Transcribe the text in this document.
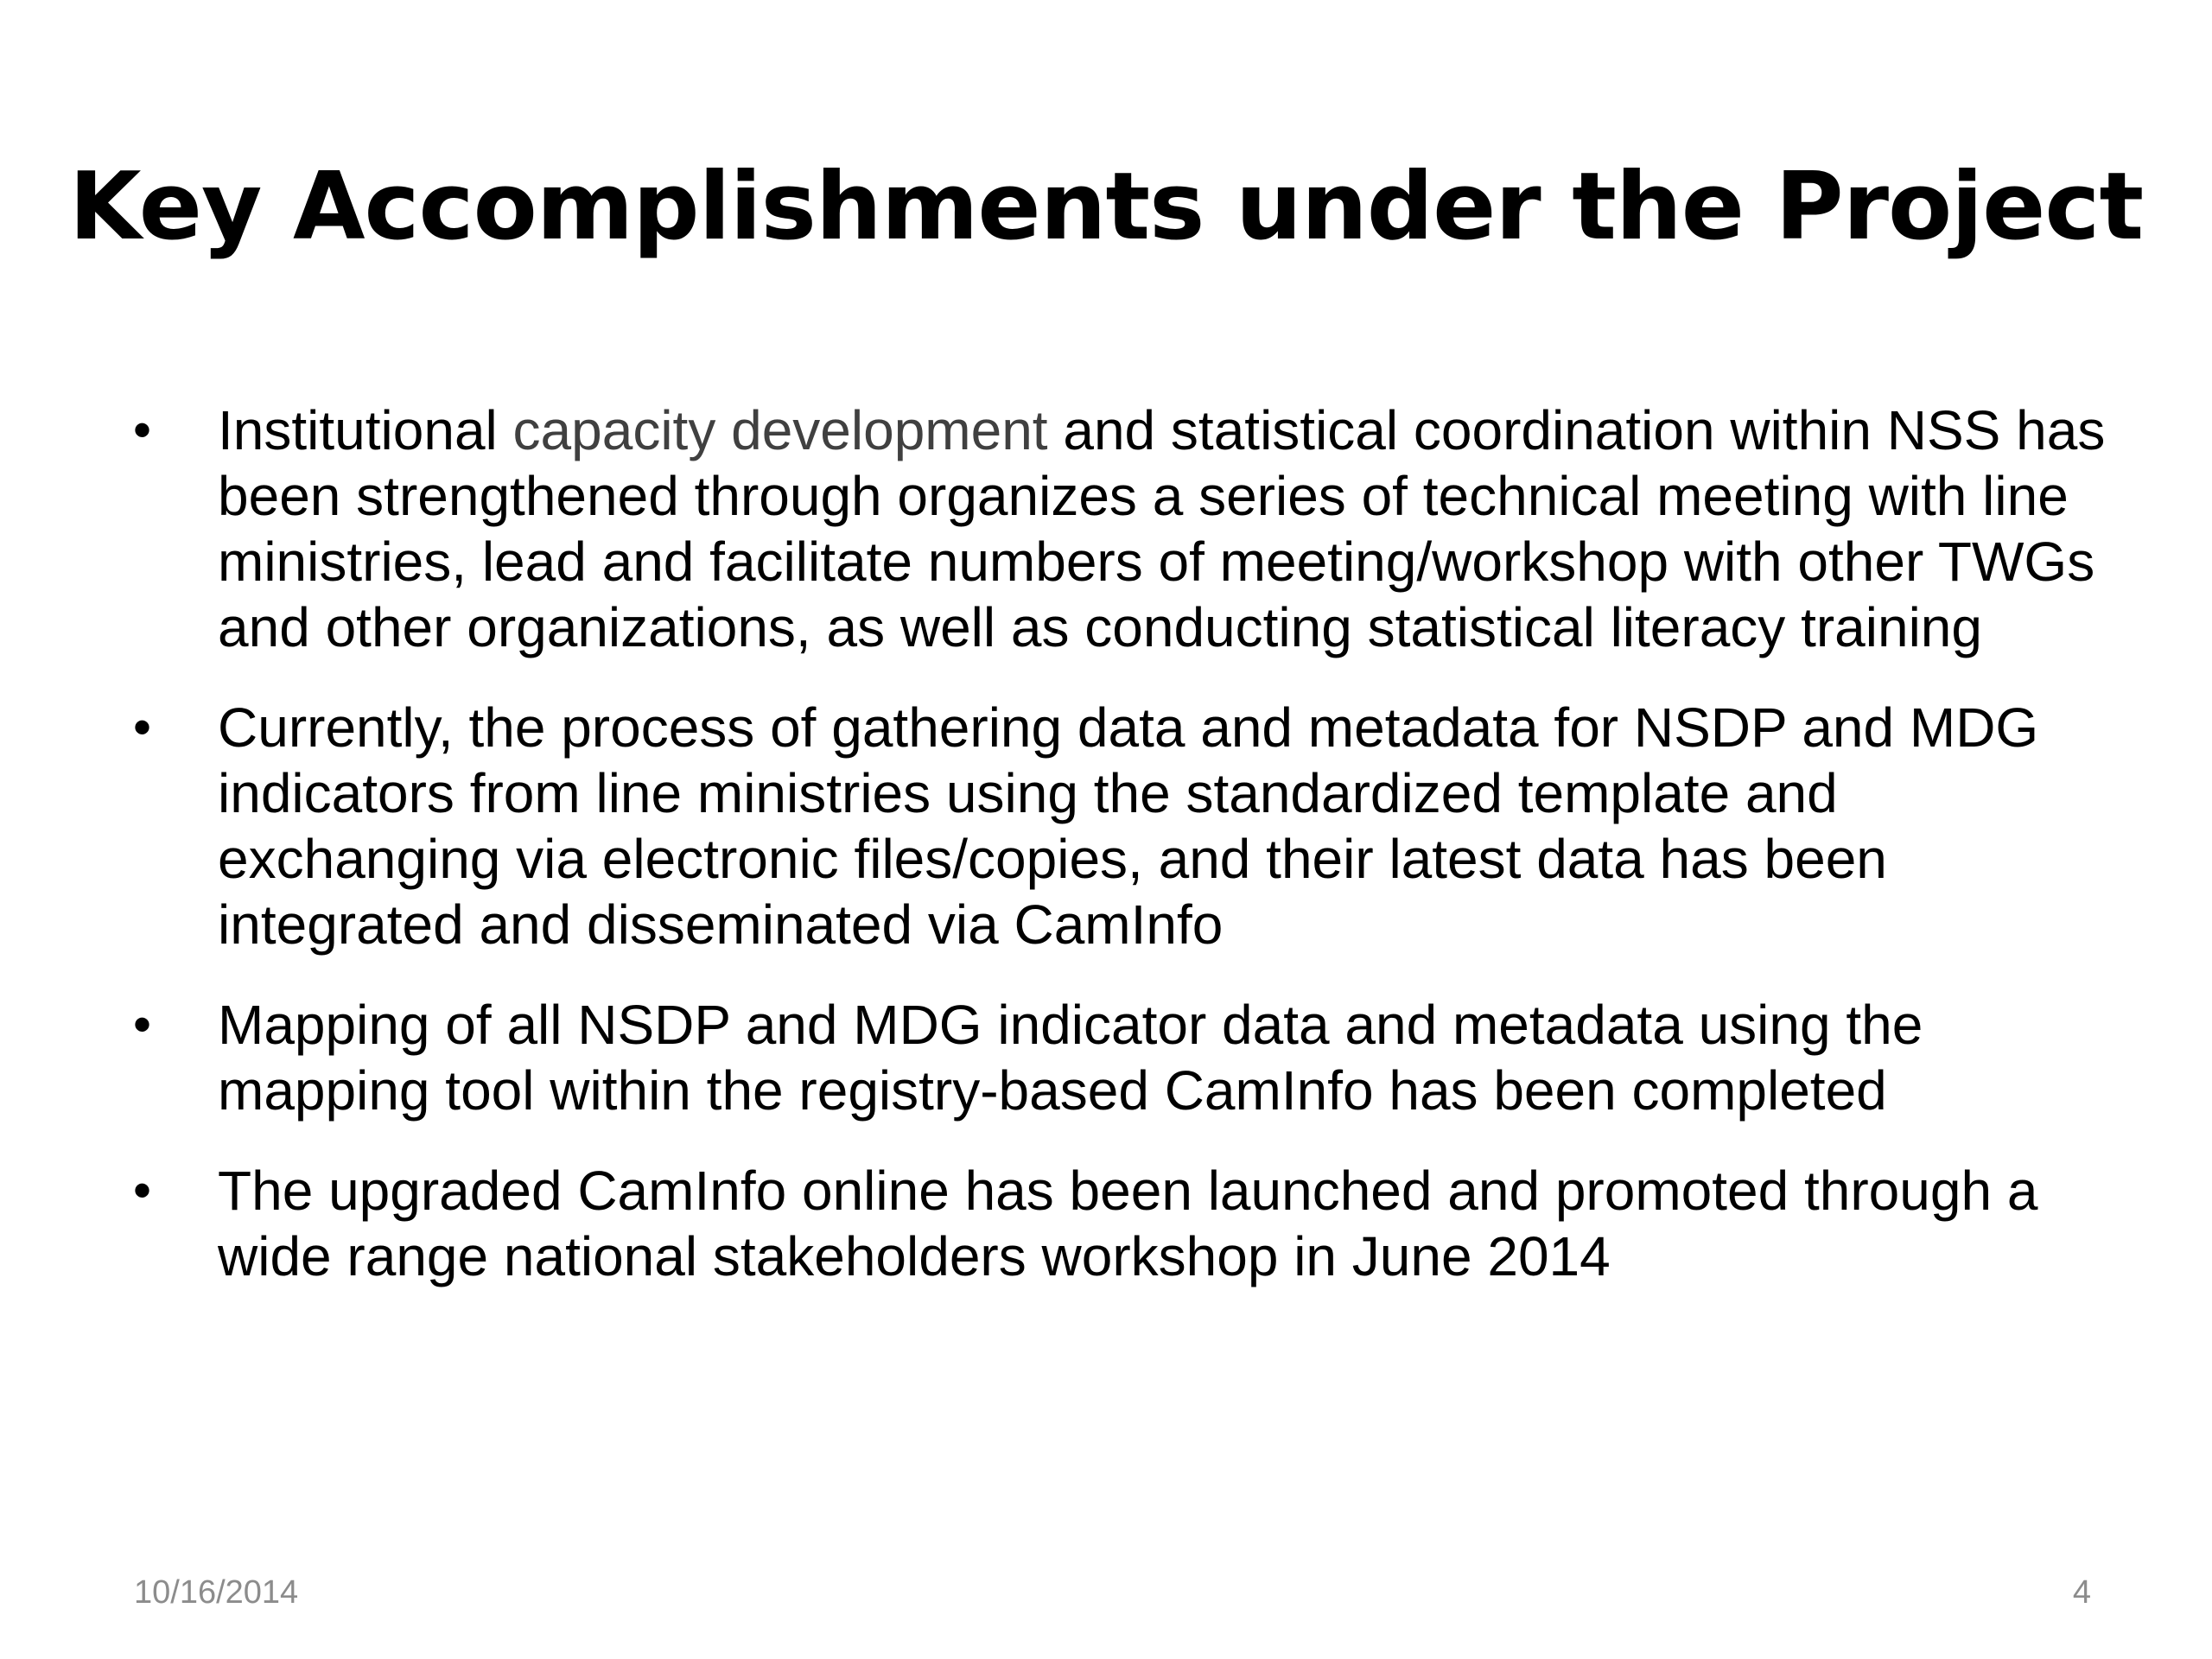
Key Accomplishments under the Project
• Institutional capacity development and statistical coordination within NSS has been strengthened through organizes a series of technical meeting with line ministries, lead and facilitate numbers of meeting/workshop with other TWGs and other organizations, as well as conducting statistical literacy training
• Currently, the process of gathering data and metadata for NSDP and MDG indicators from line ministries using the standardized template and exchanging via electronic files/copies, and their latest data has been integrated and disseminated via CamInfo
• Mapping of all NSDP and MDG indicator data and metadata using the mapping tool within the registry-based CamInfo has been completed
• The upgraded CamInfo online has been launched and promoted through a wide range national stakeholders workshop in June 2014
10/16/2014	4
